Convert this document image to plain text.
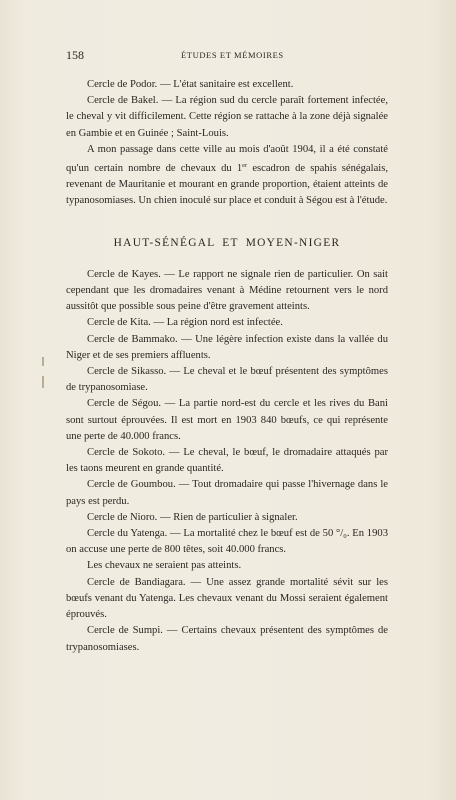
158	ÉTUDES ET MÉMOIRES

Cercle de Podor. — L'état sanitaire est excellent.

Cercle de Bakel. — La région sud du cercle paraît fortement infectée, le cheval y vit difficilement. Cette région se rattache à la zone déjà signalée en Gambie et en Guinée ; Saint-Louis.

A mon passage dans cette ville au mois d'août 1904, il a été constaté qu'un certain nombre de chevaux du 1er escadron de spahis sénégalais, revenant de Mauritanie et mourant en grande proportion, étaient atteints de typanosomiases. Un chien inoculé sur place et conduit à Ségou est à l'étude.

HAUT-SÉNÉGAL ET MOYEN-NIGER

Cercle de Kayes. — Le rapport ne signale rien de particulier. On sait cependant que les dromadaires venant à Médine retournent vers le nord aussitôt que possible sous peine d'être gravement atteints.

Cercle de Kita. — La région nord est infectée.

Cercle de Bammako. — Une légère infection existe dans la vallée du Niger et de ses premiers affluents.

Cercle de Sikasso. — Le cheval et le bœuf présentent des symptômes de trypanosomiase.

Cercle de Ségou. — La partie nord-est du cercle et les rives du Bani sont surtout éprouvées. Il est mort en 1903 840 bœufs, ce qui représente une perte de 40.000 francs.

Cercle de Sokoto. — Le cheval, le bœuf, le dromadaire attaqués par les taons meurent en grande quantité.

Cercle de Goumbou. — Tout dromadaire qui passe l'hivernage dans le pays est perdu.

Cercle de Nioro. — Rien de particulier à signaler.

Cercle du Yatenga. — La mortalité chez le bœuf est de 50 °/₀. En 1903 on accuse une perte de 800 têtes, soit 40.000 francs.

Les chevaux ne seraient pas atteints.

Cercle de Bandiagara. — Une assez grande mortalité sévit sur les bœufs venant du Yatenga. Les chevaux venant du Mossi seraient également éprouvés.

Cercle de Sumpi. — Certains chevaux présentent des symptômes de trypanosomiases.
